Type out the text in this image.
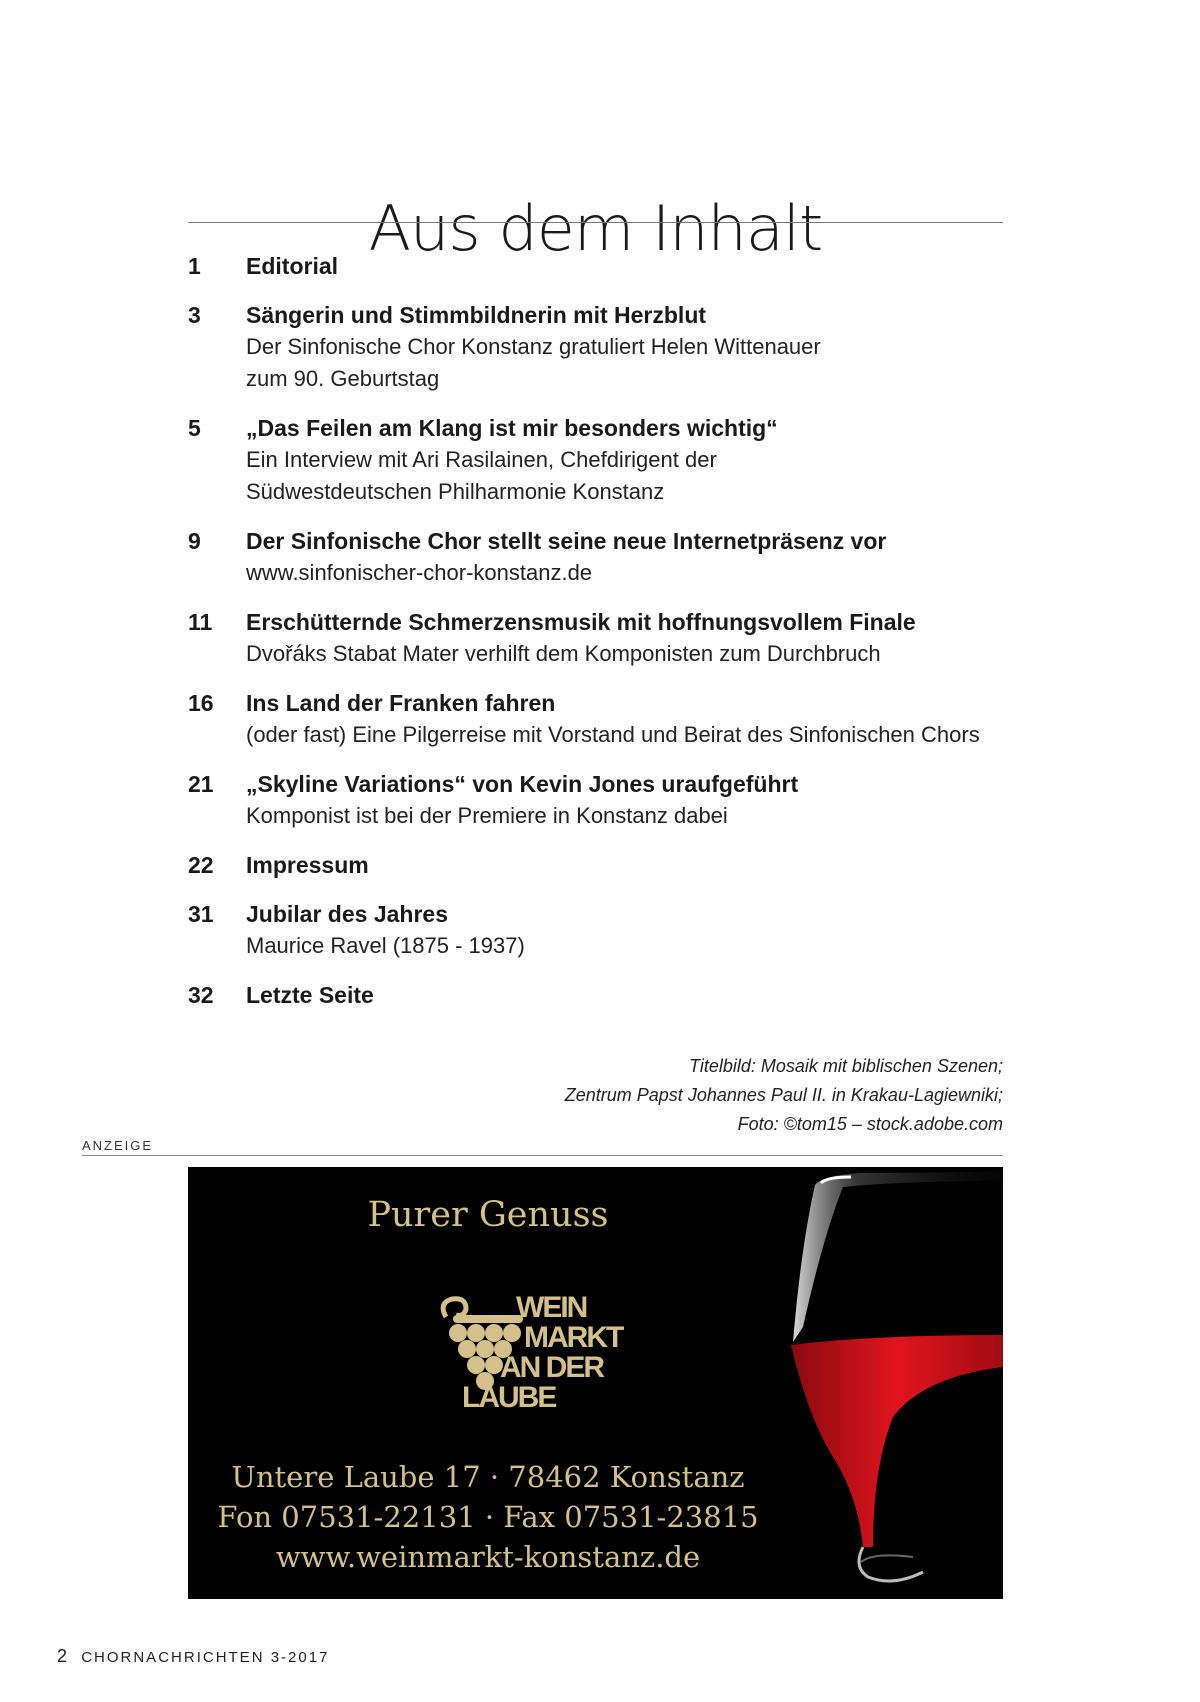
Aus dem Inhalt
1 Editorial
3 Sängerin und Stimmbildnerin mit Herzblut
Der Sinfonische Chor Konstanz gratuliert Helen Wittenauer
zum 90. Geburtstag
5 „Das Feilen am Klang ist mir besonders wichtig“
Ein Interview mit Ari Rasilainen, Chefdirigent der
Südwestdeutschen Philharmonie Konstanz
9 Der Sinfonische Chor stellt seine neue Internetpräsenz vor
www.sinfonischer-chor-konstanz.de
11 Erschütternde Schmerzensmusik mit hoffnungsvollem Finale
Dvořáks Stabat Mater verhilft dem Komponisten zum Durchbruch
16 Ins Land der Franken fahren
(oder fast) Eine Pilgerreise mit Vorstand und Beirat des Sinfonischen Chors
21 „Skyline Variations“ von Kevin Jones uraufgeführt
Komponist ist bei der Premiere in Konstanz dabei
22 Impressum
31 Jubilar des Jahres
Maurice Ravel (1875 - 1937)
32 Letzte Seite
Titelbild: Mosaik mit biblischen Szenen;
Zentrum Papst Johannes Paul II. in Krakau-Lagiewniki;
Foto: ©tom15 – stock.adobe.com
ANZEIGE
Purer Genuss
WEIN
MARKT
AN DER
LAUBE
Untere Laube 17 · 78462 Konstanz
Fon 07531-22131 · Fax 07531-23815
www.weinmarkt-konstanz.de
2 CHORNACHRICHTEN 3-2017
